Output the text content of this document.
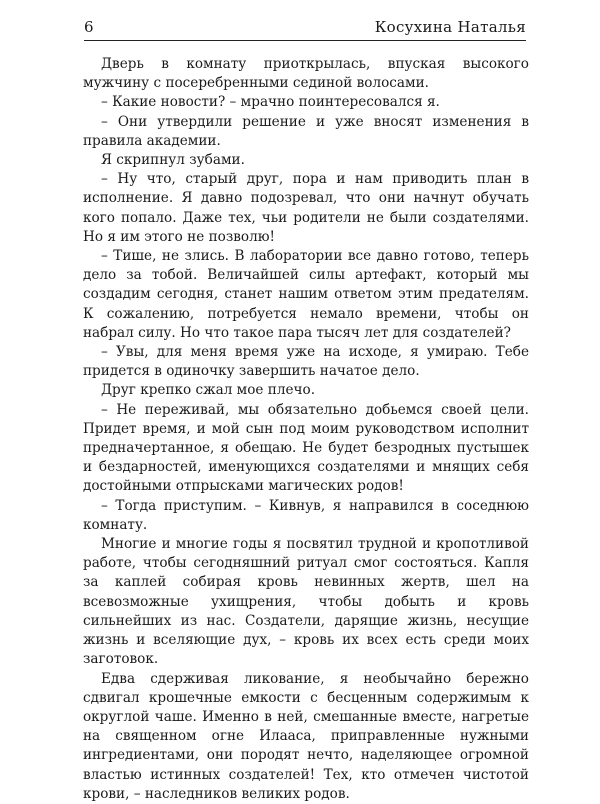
6	Косухина Наталья

Дверь в комнату приоткрылась, впуская высокого мужчину с посеребренными сединой волосами.

– Какие новости? – мрачно поинтересовался я.

– Они утвердили решение и уже вносят изменения в правила академии.

Я скрипнул зубами.

– Ну что, старый друг, пора и нам приводить план в исполнение. Я давно подозревал, что они начнут обучать кого попало. Даже тех, чьи родители не были создателями. Но я им этого не позволю!

– Тише, не злись. В лаборатории все давно готово, теперь дело за тобой. Величайшей силы артефакт, который мы создадим сегодня, станет нашим ответом этим предателям. К сожалению, потребуется немало времени, чтобы он набрал силу. Но что такое пара тысяч лет для создателей?

– Увы, для меня время уже на исходе, я умираю. Тебе придется в одиночку завершить начатое дело.

Друг крепко сжал мое плечо.

– Не переживай, мы обязательно добьемся своей цели. Придет время, и мой сын под моим руководством исполнит предначертанное, я обещаю. Не будет безродных пустышек и бездарностей, именующихся создателями и мнящих себя достойными отпрысками магических родов!

– Тогда приступим. – Кивнув, я направился в соседнюю комнату.

Многие и многие годы я посвятил трудной и кропотливой работе, чтобы сегодняшний ритуал смог состояться. Капля за каплей собирая кровь невинных жертв, шел на всевозможные ухищрения, чтобы добыть и кровь сильнейших из нас. Создатели, дарящие жизнь, несущие жизнь и вселяющие дух, – кровь их всех есть среди моих заготовок.

Едва сдерживая ликование, я необычайно бережно сдвигал крошечные емкости с бесценным содержимым к округлой чаше. Именно в ней, смешанные вместе, нагретые на священном огне Илааса, приправленные нужными ингредиентами, они породят нечто, наделяющее огромной властью истинных создателей! Тех, кто отмечен чистотой крови, – наследников великих родов.
